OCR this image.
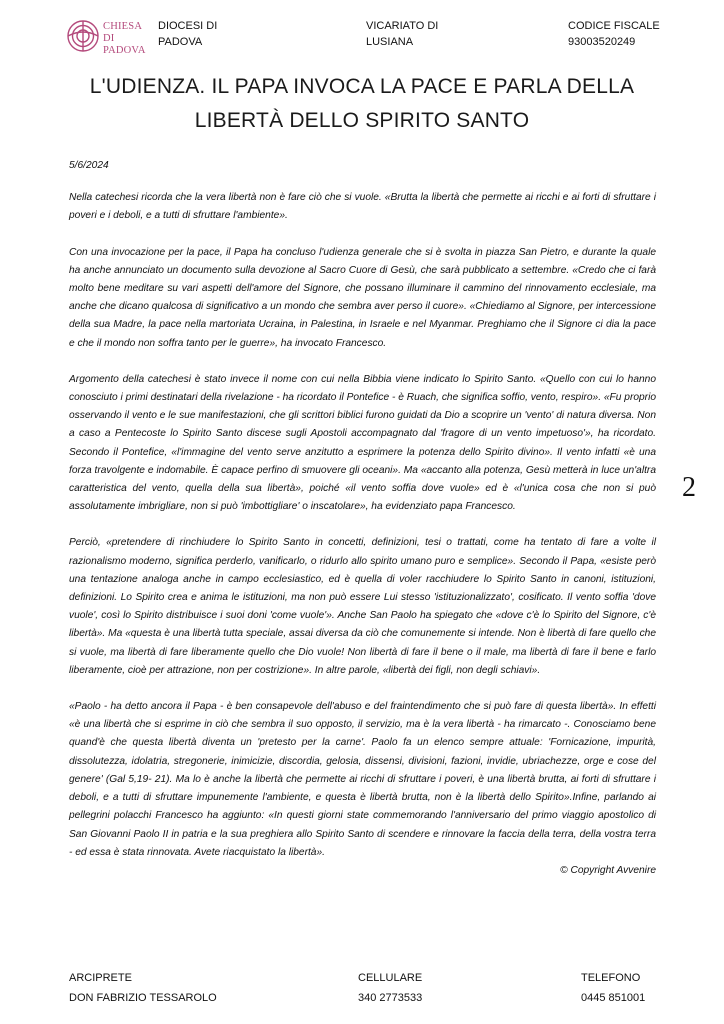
CHIESA DI
PADOVA
DIOCESI DI
PADOVA
VICARIATO DI
LUSIANA
CODICE FISCALE
93003520249
L'UDIENZA. IL PAPA INVOCA LA PACE E PARLA DELLA
LIBERTÀ DELLO SPIRITO SANTO

5/6/2024

Nella catechesi ricorda che la vera libertà non è fare ciò che si vuole. «Brutta la libertà che permette ai ricchi e ai forti di sfruttare i poveri e i deboli, e a tutti di sfruttare l'ambiente».

Con una invocazione per la pace, il Papa ha concluso l'udienza generale che si è svolta in piazza San Pietro, e durante la quale ha anche annunciato un documento sulla devozione al Sacro Cuore di Gesù, che sarà pubblicato a settembre. «Credo che ci farà molto bene meditare su vari aspetti dell'amore del Signore, che possano illuminare il cammino del rinnovamento ecclesiale, ma anche che dicano qualcosa di significativo a un mondo che sembra aver perso il cuore». «Chiediamo al Signore, per intercessione della sua Madre, la pace nella martoriata Ucraina, in Palestina, in Israele e nel Myanmar. Preghiamo che il Signore ci dia la pace e che il mondo non soffra tanto per le guerre», ha invocato Francesco.

Argomento della catechesi è stato invece il nome con cui nella Bibbia viene indicato lo Spirito Santo. «Quello con cui lo hanno conosciuto i primi destinatari della rivelazione - ha ricordato il Pontefice - è Ruach, che significa soffio, vento, respiro». «Fu proprio osservando il vento e le sue manifestazioni, che gli scrittori biblici furono guidati da Dio a scoprire un 'vento' di natura diversa. Non a caso a Pentecoste lo Spirito Santo discese sugli Apostoli accompagnato dal 'fragore di un vento impetuoso'», ha ricordato. Secondo il Pontefice, «l'immagine del vento serve anzitutto a esprimere la potenza dello Spirito divino». Il vento infatti «è una forza travolgente e indomabile. È capace perfino di smuovere gli oceani». Ma «accanto alla potenza, Gesù metterà in luce un'altra caratteristica del vento, quella della sua libertà», poiché «il vento soffia dove vuole» ed è «l'unica cosa che non si può assolutamente imbrigliare, non si può 'imbottigliare' o inscatolare», ha evidenziato papa Francesco.

Perciò, «pretendere di rinchiudere lo Spirito Santo in concetti, definizioni, tesi o trattati, come ha tentato di fare a volte il razionalismo moderno, significa perderlo, vanificarlo, o ridurlo allo spirito umano puro e semplice». Secondo il Papa, «esiste però una tentazione analoga anche in campo ecclesiastico, ed è quella di voler racchiudere lo Spirito Santo in canoni, istituzioni, definizioni. Lo Spirito crea e anima le istituzioni, ma non può essere Lui stesso 'istituzionalizzato', cosificato. Il vento soffia 'dove vuole', così lo Spirito distribuisce i suoi doni 'come vuole'». Anche San Paolo ha spiegato che «dove c'è lo Spirito del Signore, c'è libertà». Ma «questa è una libertà tutta speciale, assai diversa da ciò che comunemente si intende. Non è libertà di fare quello che si vuole, ma libertà di fare liberamente quello che Dio vuole! Non libertà di fare il bene o il male, ma libertà di fare il bene e farlo liberamente, cioè per attrazione, non per costrizione». In altre parole, «libertà dei figli, non degli schiavi».

«Paolo - ha detto ancora il Papa - è ben consapevole dell'abuso e del fraintendimento che si può fare di questa libertà». In effetti «è una libertà che si esprime in ciò che sembra il suo opposto, il servizio, ma è la vera libertà - ha rimarcato -. Conosciamo bene quand'è che questa libertà diventa un 'pretesto per la carne'. Paolo fa un elenco sempre attuale: 'Fornicazione, impurità, dissolutezza, idolatria, stregonerie, inimicizie, discordia, gelosia, dissensi, divisioni, fazioni, invidie, ubriachezze, orge e cose del genere' (Gal 5,19- 21). Ma lo è anche la libertà che permette ai ricchi di sfruttare i poveri, è una libertà brutta, ai forti di sfruttare i deboli, e a tutti di sfruttare impunemente l'ambiente, e questa è libertà brutta, non è la libertà dello Spirito».Infine, parlando ai pellegrini polacchi Francesco ha aggiunto: «In questi giorni state commemorando l'anniversario del primo viaggio apostolico di San Giovanni Paolo II in patria e la sua preghiera allo Spirito Santo di scendere e rinnovare la faccia della terra, della vostra terra - ed essa è stata rinnovata. Avete riacquistato la libertà».

© Copyright Avvenire

2
ARCIPRETE
DON FABRIZIO TESSAROLO
CELLULARE
340 2773533
TELEFONO
0445 851001
